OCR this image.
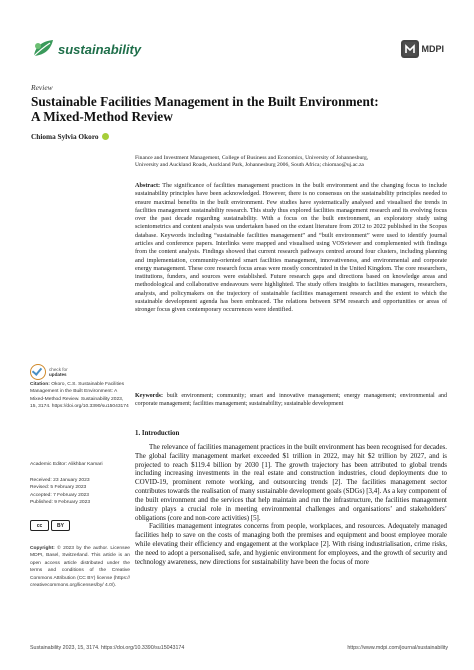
sustainability	MDPI
Review
Sustainable Facilities Management in the Built Environment:
A Mixed-Method Review
Chioma Sylvia Okoro
Finance and Investment Management, College of Business and Economics, University of Johannesburg,
University and Auckland Roads, Auckland Park, Johannesburg 2006, South Africa; chiomao@uj.ac.za
Abstract: The significance of facilities management practices in the built environment and the changing focus to include sustainability principles have been acknowledged. However, there is no consensus on the sustainability principles needed to ensure maximal benefits in the built environment. Few studies have systematically analysed and visualised the trends in facilities management sustainability research. This study thus explored facilities management research and its evolving focus over the past decade regarding sustainability. With a focus on the built environment, an exploratory study using scientometrics and content analysis was undertaken based on the extant literature from 2012 to 2022 published in the Scopus database. Keywords including “sustainable facilities management” and “built environment” were used to identify journal articles and conference papers. Interlinks were mapped and visualised using VOSviewer and complemented with findings from the content analysis. Findings showed that current research pathways centred around four clusters, including planning and implementation, community-oriented smart facilities management, innovativeness, and environmental and corporate energy management. These core research focus areas were mostly concentrated in the United Kingdom. The core researchers, institutions, funders, and sources were established. Future research gaps and directions based on knowledge areas and methodological and collaborative endeavours were highlighted. The study offers insights to facilities managers, researchers, analysts, and policymakers on the trajectory of sustainable facilities management research and the extent to which the sustainable development agenda has been embraced. The relations between SFM research and opportunities or areas of stronger focus given contemporary occurrences were identified.
Keywords: built environment; community; smart and innovative management; energy management; environmental and corporate management; facilities management; sustainability; sustainable development
1. Introduction
The relevance of facilities management practices in the built environment has been recognised for decades. The global facility management market exceeded $1 trillion in 2022, may hit $2 trillion by 2027, and is projected to reach $119.4 billion by 2030 [1]. The growth trajectory has been attributed to global trends including increasing investments in the real estate and construction industries, cloud deployments due to COVID-19, prominent remote working, and outsourcing trends [2]. The facilities management sector contributes towards the realisation of many sustainable development goals (SDGs) [3,4]. As a key component of the built environment and the services that help maintain and run the infrastructure, the facilities management industry plays a crucial role in meeting environmental challenges and organisations’ and stakeholders’ obligations (core and non-core activities) [5].
Facilities management integrates concerns from people, workplaces, and resources. Adequately managed facilities help to save on the costs of managing both the premises and equipment and boost employee morale while elevating their efficiency and engagement at the workplace [2]. With rising industrialisation, crime risks, the need to adopt a personalised, safe, and hygienic environment for employees, and the growth of security and technology awareness, new directions for sustainability have been the focus of more
check for
updates
Citation: Okoro, C.S. Sustainable Facilities Management in the Built Environment: A Mixed-Method Review. Sustainability 2023, 15, 3174. https://doi.org/10.3390/su15043174
Academic Editor: Alikhbar Kamari
Received: 23 January 2023
Revised: 5 February 2023
Accepted: 7 February 2023
Published: 9 February 2023
cc	BY
Copyright: © 2023 by the author. Licensee MDPI, Basel, Switzerland. This article is an open access article distributed under the terms and conditions of the Creative Commons Attribution (CC BY) license (https:// creativecommons.org/licenses/by/ 4.0/).
Sustainability 2023, 15, 3174. https://doi.org/10.3390/su15043174	https://www.mdpi.com/journal/sustainability
